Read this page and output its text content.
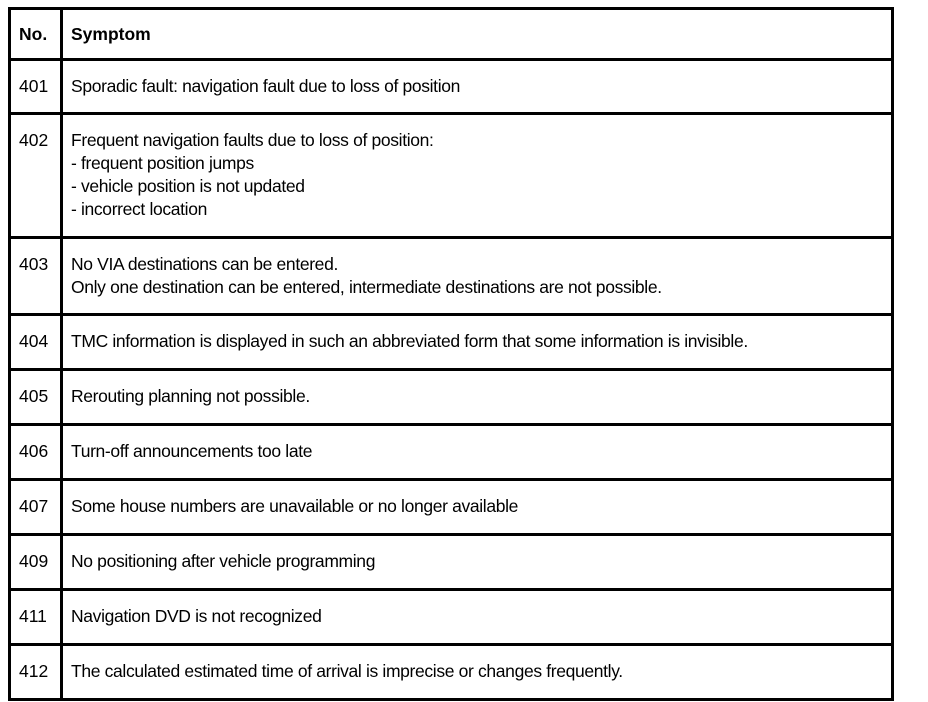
No.	Symptom
401	Sporadic fault: navigation fault due to loss of position

402	Frequent navigation faults due to loss of position:
- frequent position jumps
- vehicle position is not updated
- incorrect location

403	No VIA destinations can be entered.
Only one destination can be entered, intermediate destinations are not possible.

404	TMC information is displayed in such an abbreviated form that some information is invisible.

405	Rerouting planning not possible.

406	Turn-off announcements too late

407	Some house numbers are unavailable or no longer available

409	No positioning after vehicle programming

411	Navigation DVD is not recognized

412	The calculated estimated time of arrival is imprecise or changes frequently.
